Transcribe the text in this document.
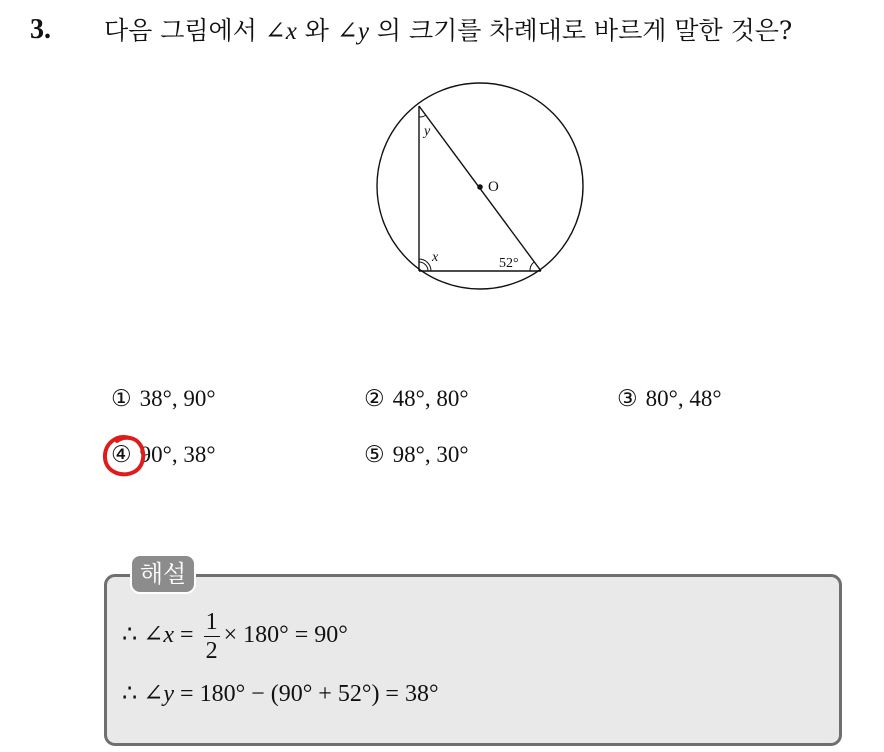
3. 다음 그림에서 ∠x 와 ∠y 의 크기를 차례대로 바르게 말한 것은?
O
y
x	52°
① 38°, 90°	② 48°, 80°	③ 80°, 48°
④ 90°, 38°	⑤ 98°, 30°
해설
∴ ∠x = $\frac{1}{2} \times 180^\circ = 90^\circ$
∴ ∠y = 180° − (90° + 52°) = 38°
